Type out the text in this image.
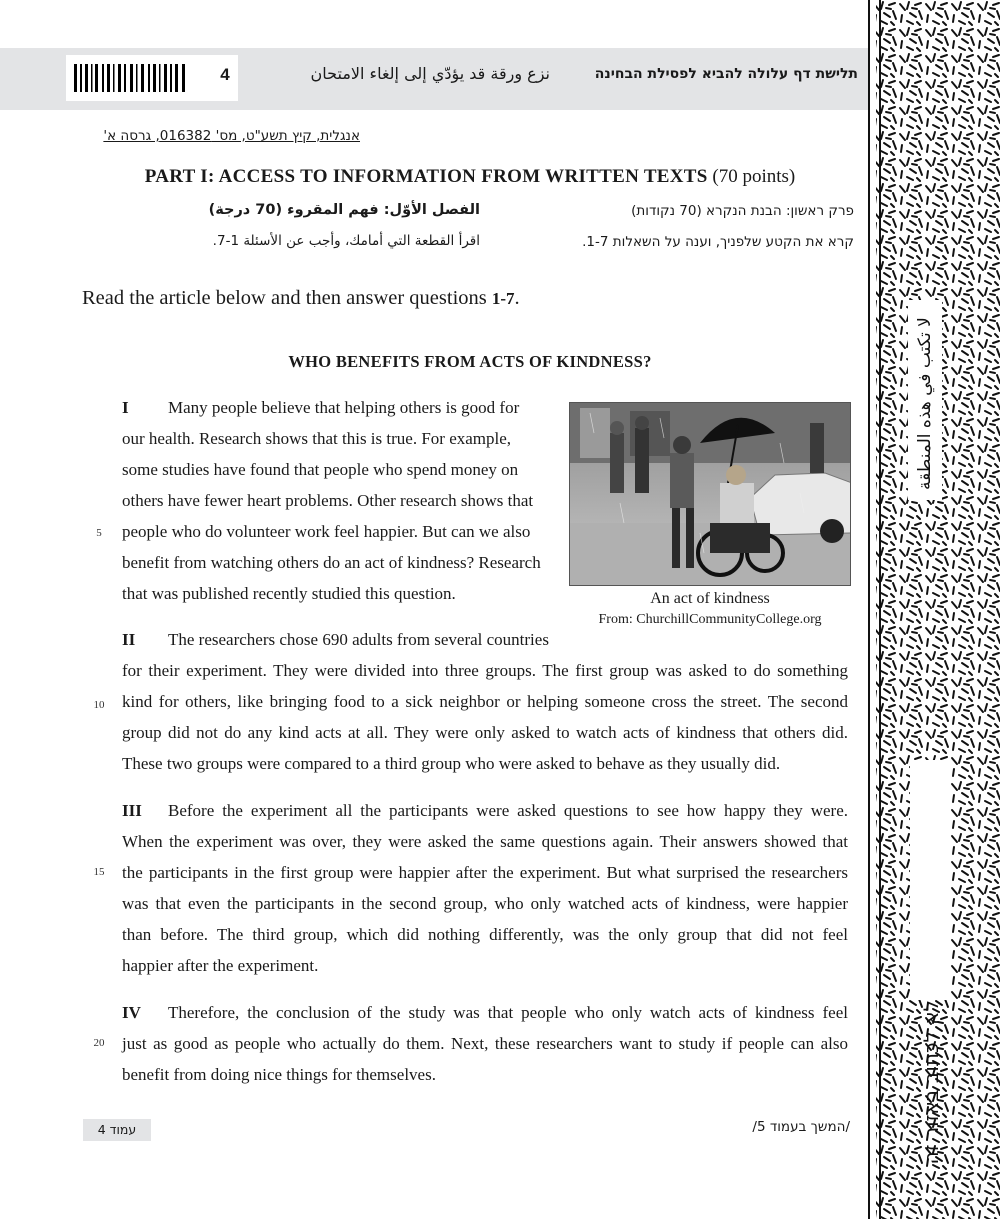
4	نزع ورقة قد يؤدّي إلى إلغاء الامتحان	תלישת דף עלולה להביא לפסילת הבחינה
אנגלית, קיץ תשע"ט, מס' 016382, גרסה א'
PART I: ACCESS TO INFORMATION FROM WRITTEN TEXTS (70 points)
الفصل الأوّل: فهم المقروء (70 درجة)	פרק ראשון: הבנת הנקרא (70 נקודות)
اقرأ القطعة التي أمامك، وأجب عن الأسئلة 1-7.	קרא את הקטע שלפניך, וענה על השאלות 1-7.
Read the article below and then answer questions 1-7.
WHO BENEFITS FROM ACTS OF KINDNESS?
I Many people believe that helping others is good for
our health. Research shows that this is true. For example,
some studies have found that people who spend money on
others have fewer heart problems. Other research shows that
5 people who do volunteer work feel happier. But can we also
benefit from watching others do an act of kindness? Research
that was published recently studied this question.	An act of kindness
From: ChurchillCommunityCollege.org
II The researchers chose 690 adults from several countries
for their experiment. They were divided into three groups. The first group was asked to do something
10 kind for others, like bringing food to a sick neighbor or helping someone cross the street. The second
group did not do any kind acts at all. They were only asked to watch acts of kindness that others did.
These two groups were compared to a third group who were asked to behave as they usually did.
III Before the experiment all the participants were asked questions to see how happy they were.
When the experiment was over, they were asked the same questions again. Their answers showed that
15 the participants in the first group were happier after the experiment. But what surprised the researchers
was that even the participants in the second group, who only watched acts of kindness, were happier
than before. The third group, which did nothing differently, was the only group that did not feel
happier after the experiment.
IV Therefore, the conclusion of the study was that people who only watch acts of kindness feel
20 just as good as people who actually do them. Next, these researchers want to study if people can also
benefit from doing nice things for themselves.
עמוד 4	/המשך בעמוד 5/
لا تكتب في هذه المنطقة
לא לכתוב באזור זה
